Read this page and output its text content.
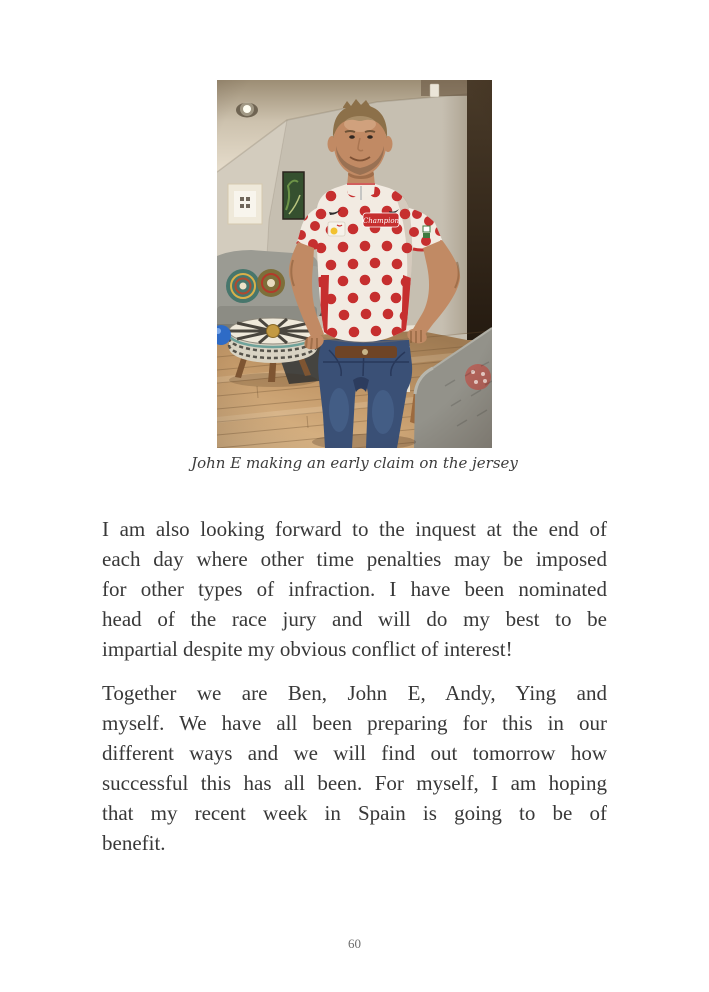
John E making an early claim on the jersey

I am also looking forward to the inquest at the end of
each day where other time penalties may be imposed
for other types of infraction. I have been nominated
head of the race jury and will do my best to be
impartial despite my obvious conflict of interest!

Together we are Ben, John E, Andy, Ying and
myself. We have all been preparing for this in our
different ways and we will find out tomorrow how
successful this has all been. For myself, I am hoping
that my recent week in Spain is going to be of
benefit.

60
